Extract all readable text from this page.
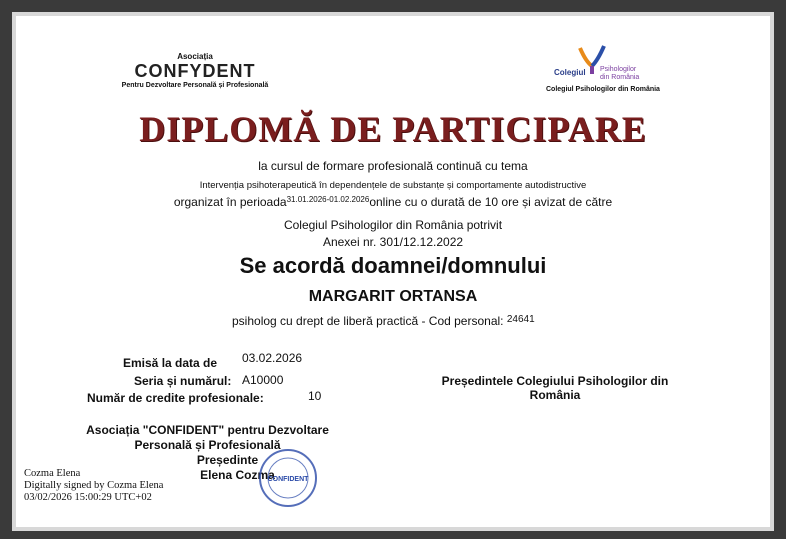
Asociația
CONFYDENT
Pentru Dezvoltare Personală și Profesională
Colegiul Psihologilor
din România
Colegiul Psihologilor din România
DIPLOMĂ DE PARTICIPARE
la cursul de formare profesională continuă cu tema
Intervenția psihoterapeutică în dependențele de substanțe și comportamente autodistructive
organizat în perioada$^{31.01.2026-01.02.2026}$online cu o durată de 10 ore și avizat de către
Colegiul Psihologilor din România potrivit
Anexei nr. 301/12.12.2022
Se acordă doamnei/domnului
MARGARIT ORTANSA
psiholog cu drept de liberă practică - Cod personal: $^{24641}$
Emisă la data de 03.02.2026
Seria și numărul: A10000
Număr de credite profesionale:	10
Președintele Colegiului Psihologilor din
România
Asociația "CONFIDENT" pentru Dezvoltare
Personală și Profesională
Președinte
Elena Cozma
CONFIDENT
Cozma Elena
Digitally signed by Cozma Elena
03/02/2026 15:00:29 UTC+02
